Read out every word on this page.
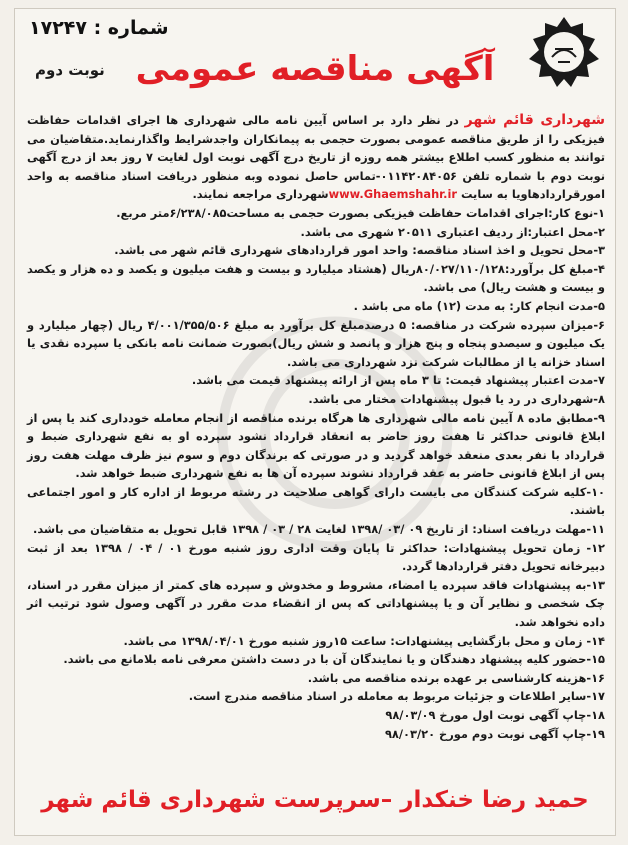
شماره : ۱۷۲۴۷
نوبت دوم آگهی مناقصه عمومی

شهرداری قائم شهر در نظر دارد بر اساس آیین نامه مالی شهرداری ها اجرای اقدامات حفاظت فیزیکی را از طریق مناقصه عمومی بصورت حجمی به پیمانکاران واجدشرایط واگذارنماید.متقاضیان می توانند به منظور کسب اطلاع بیشتر همه روزه از تاریخ درج آگهی نوبت اول لغایت ۷ روز بعد از درج آگهی نوبت دوم با شماره تلفن ۰۱۱۴۲۰۸۴۰۵۶-تماس حاصل نموده وبه منظور دریافت اسناد مناقصه به واحد امورقراردادهاویا به سایت www.Ghaemshahr.irشهرداری مراجعه نمایند.

۱-نوع کار:اجرای اقدامات حفاظت فیزیکی بصورت حجمی به مساحت۶/۲۳۸/۰۸۵متر مربع.

۲-محل اعتبار:از ردیف اعتباری ۲۰۵۱۱ شهری می باشد.

۳-محل تحویل و اخذ اسناد مناقصه: واحد امور قراردادهای شهرداری قائم شهر می باشد.

۴-مبلغ کل برآورد:۸۰/۰۲۷/۱۱۰/۱۲۸ریال (هشتاد میلیارد و بیست و هفت میلیون و یکصد و ده هزار و یکصد و بیست و هشت ریال) می باشد.

۵-مدت انجام کار: به مدت (۱۲) ماه می باشد .

۶-میزان سپرده شرکت در مناقصه: ۵ درصدمبلغ کل برآورد به مبلغ ۴/۰۰۱/۳۵۵/۵۰۶ ریال (چهار میلیارد و یک میلیون و سیصدو پنجاه و پنج هزار و پانصد و شش ریال)بصورت ضمانت نامه بانکی یا سپرده نقدی یا اسناد خزانه یا از مطالبات شرکت نزد شهرداری می باشد.

۷-مدت اعتبار پیشنهاد قیمت: تا ۳ ماه پس از ارائه پیشنهاد قیمت می باشد.

۸-شهرداری در رد یا قبول پیشنهادات مختار می باشد.

۹-مطابق ماده ۸ آیین نامه مالی شهرداری ها هرگاه برنده مناقصه از انجام معامله خودداری کند یا پس از ابلاغ قانونی حداکثر تا هفت روز حاضر به انعقاد قرارداد نشود سپرده او به نفع شهرداری ضبط و قرارداد با نفر بعدی منعقد خواهد گردید و در صورتی که برندگان دوم و سوم نیز ظرف مهلت هفت روز پس از ابلاغ قانونی حاضر به عقد قرارداد نشوند سپرده آن ها به نفع شهرداری ضبط خواهد شد.

۱۰-کلیه شرکت کنندگان می بایست دارای گواهی صلاحیت در رشته مربوط از اداره کار و امور اجتماعی باشند.

۱۱-مهلت دریافت اسناد: از تاریخ ۰۹ /۰۳ /۱۳۹۸ لغایت ۲۸ / ۰۳ / ۱۳۹۸ قابل تحویل به متقاضیان می باشد.

۱۲- زمان تحویل پیشنهادات: حداکثر تا پایان وقت اداری روز شنبه مورخ ۰۱ / ۰۴ / ۱۳۹۸ بعد از ثبت دبیرخانه تحویل دفتر قراردادها گردد.

۱۳-به پیشنهادات فاقد سپرده یا امضاء، مشروط و مخدوش و سپرده های کمتر از میزان مقرر در اسناد، چک شخصی و نظایر آن و یا پیشنهاداتی که پس از انقضاء مدت مقرر در آگهی وصول شود ترتیب اثر داده نخواهد شد.

۱۴- زمان و محل بازگشایی پیشنهادات: ساعت ۱۵روز شنبه مورخ ۱۳۹۸/۰۴/۰۱ می باشد.

۱۵-حضور کلیه پیشنهاد دهندگان و یا نمایندگان آن با در دست داشتن معرفی نامه بلامانع می باشد.

۱۶-هزینه کارشناسی بر عهده برنده مناقصه می باشد.

۱۷-سایر اطلاعات و جزئیات مربوط به معامله در اسناد مناقصه مندرج است.

۱۸-چاپ آگهی نوبت اول مورخ ۹۸/۰۳/۰۹

۱۹-چاپ آگهی نوبت دوم مورخ ۹۸/۰۳/۲۰

حمید رضا خنکدار –سرپرست شهرداری قائم شهر
